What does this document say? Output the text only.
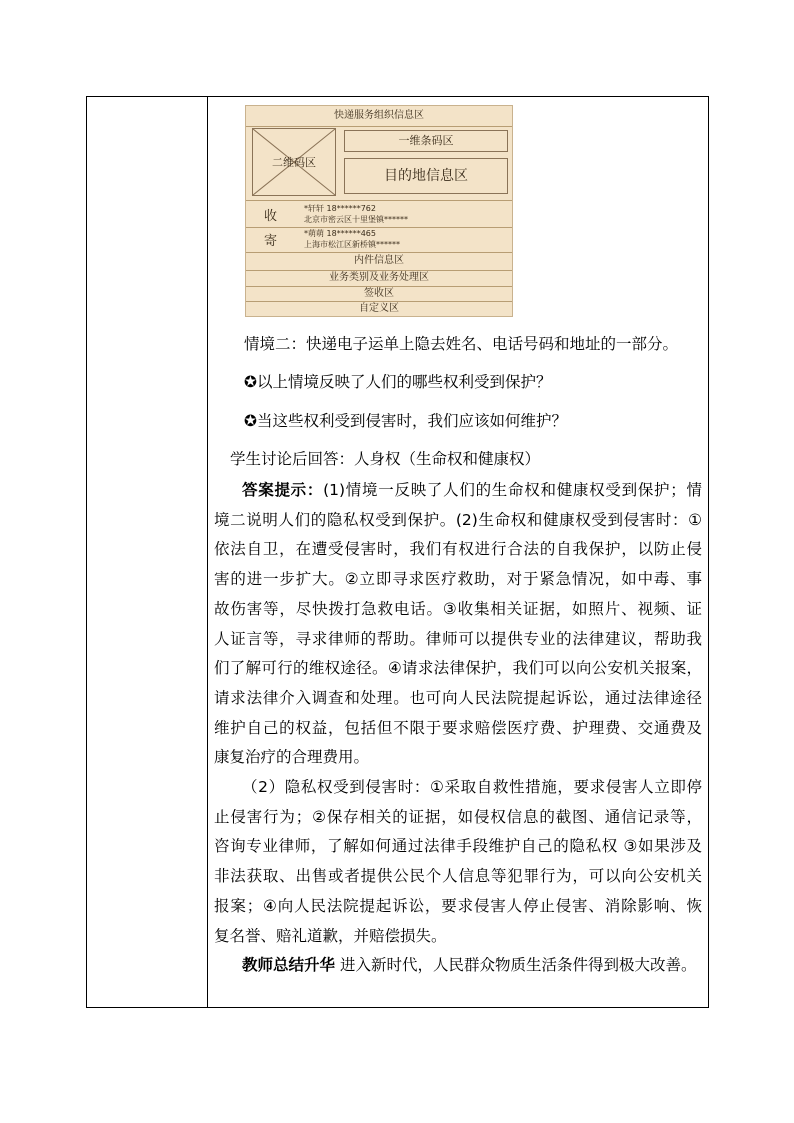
快递服务组织信息区
二维码区
一维条码区
目的地信息区
收
*轩轩 18******762
北京市密云区十里堡镇******
寄
*萌萌 18******465
上海市松江区新桥镇******
内件信息区
业务类别及业务处理区
签收区
自定义区
情境二：快递电子运单上隐去姓名、电话号码和地址的一部分。
✪以上情境反映了人们的哪些权利受到保护？
✪当这些权利受到侵害时，我们应该如何维护？
学生讨论后回答：人身权（生命权和健康权）
答案提示：(1)情境一反映了人们的生命权和健康权受到保护；情
境二说明人们的隐私权受到保护。(2)生命权和健康权受到侵害时：①
依法自卫，在遭受侵害时，我们有权进行合法的自我保护，以防止侵
害的进一步扩大。②立即寻求医疗救助，对于紧急情况，如中毒、事
故伤害等，尽快拨打急救电话。③收集相关证据，如照片、视频、证
人证言等，寻求律师的帮助。律师可以提供专业的法律建议，帮助我
们了解可行的维权途径。④请求法律保护，我们可以向公安机关报案，
请求法律介入调查和处理。也可向人民法院提起诉讼，通过法律途径
维护自己的权益，包括但不限于要求赔偿医疗费、护理费、交通费及
康复治疗的合理费用。
（2）隐私权受到侵害时：①采取自救性措施，要求侵害人立即停
止侵害行为；②保存相关的证据，如侵权信息的截图、通信记录等，
咨询专业律师，了解如何通过法律手段维护自己的隐私权 ③如果涉及
非法获取、出售或者提供公民个人信息等犯罪行为，可以向公安机关
报案；④向人民法院提起诉讼，要求侵害人停止侵害、消除影响、恢
复名誉、赔礼道歉，并赔偿损失。
教师总结升华 进入新时代，人民群众物质生活条件得到极大改善。
